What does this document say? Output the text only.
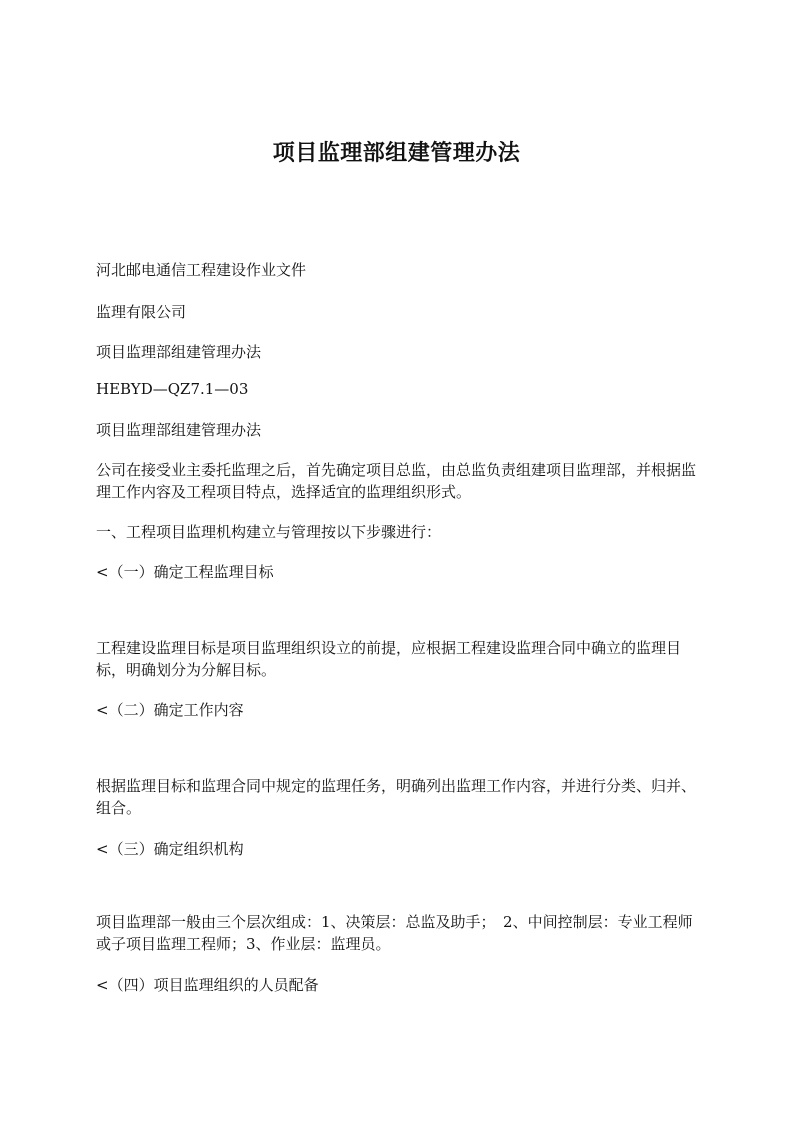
项目监理部组建管理办法

河北邮电通信工程建设作业文件

监理有限公司

项目监理部组建管理办法

HEBYD—QZ7.1—03

项目监理部组建管理办法

公司在接受业主委托监理之后，首先确定项目总监，由总监负责组建项目监理部，并根据监理工作内容及工程项目特点，选择适宜的监理组织形式。

一、工程项目监理机构建立与管理按以下步骤进行：

<（一）确定工程监理目标

工程建设监理目标是项目监理组织设立的前提，应根据工程建设监理合同中确立的监理目标，明确划分为分解目标。

<（二）确定工作内容

根据监理目标和监理合同中规定的监理任务，明确列出监理工作内容，并进行分类、归并、组合。

<（三）确定组织机构

项目监理部一般由三个层次组成：1、决策层：总监及助手；　2、中间控制层：专业工程师或子项目监理工程师；3、作业层：监理员。

<（四）项目监理组织的人员配备
